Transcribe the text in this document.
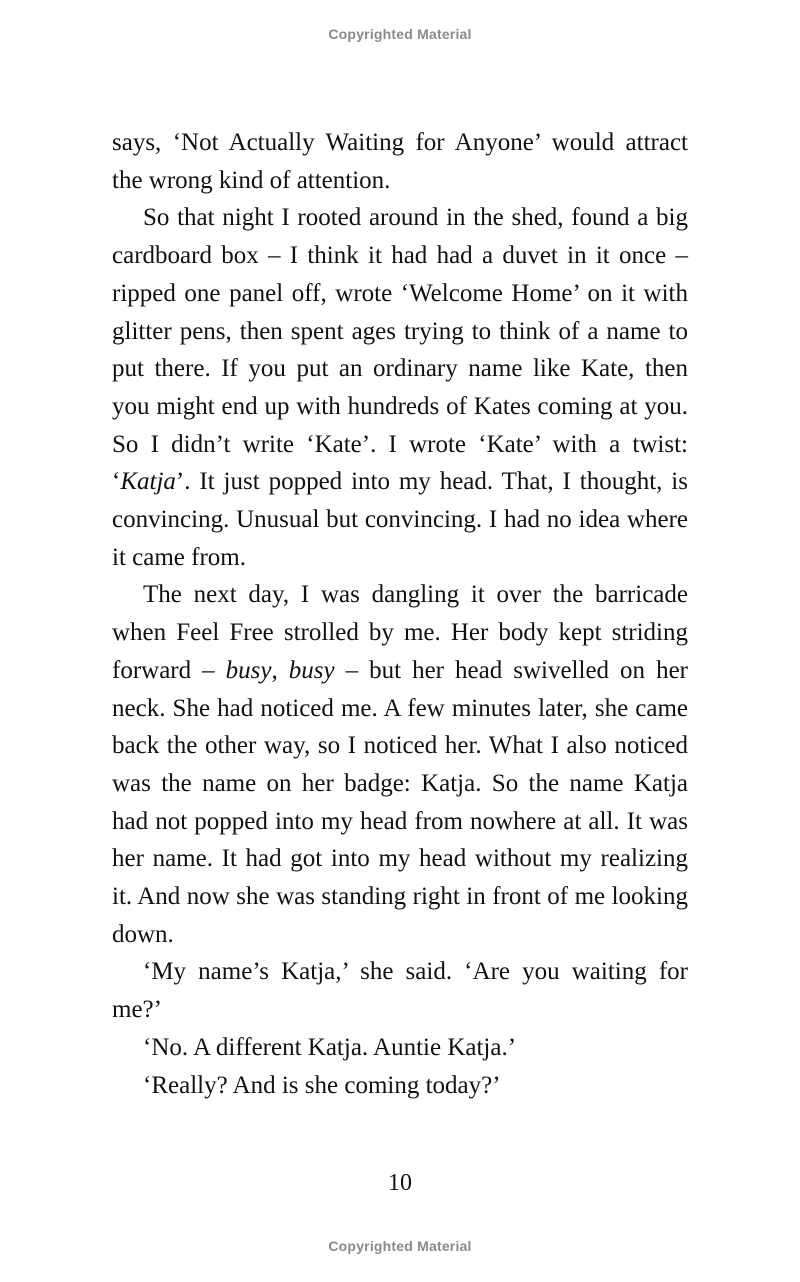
Copyrighted Material

says, ‘Not Actually Waiting for Anyone’ would attract the wrong kind of attention.

So that night I rooted around in the shed, found a big cardboard box – I think it had had a duvet in it once – ripped one panel off, wrote ‘Welcome Home’ on it with glitter pens, then spent ages trying to think of a name to put there. If you put an ordinary name like Kate, then you might end up with hundreds of Kates coming at you. So I didn’t write ‘Kate’. I wrote ‘Kate’ with a twist: ‘Katja’. It just popped into my head. That, I thought, is convincing. Unusual but convincing. I had no idea where it came from.

The next day, I was dangling it over the barricade when Feel Free strolled by me. Her body kept striding forward – busy, busy – but her head swivelled on her neck. She had noticed me. A few minutes later, she came back the other way, so I noticed her. What I also noticed was the name on her badge: Katja. So the name Katja had not popped into my head from nowhere at all. It was her name. It had got into my head without my realizing it. And now she was standing right in front of me looking down.

‘My name’s Katja,’ she said. ‘Are you waiting for me?’

‘No. A different Katja. Auntie Katja.’

‘Really? And is she coming today?’

10
Copyrighted Material
